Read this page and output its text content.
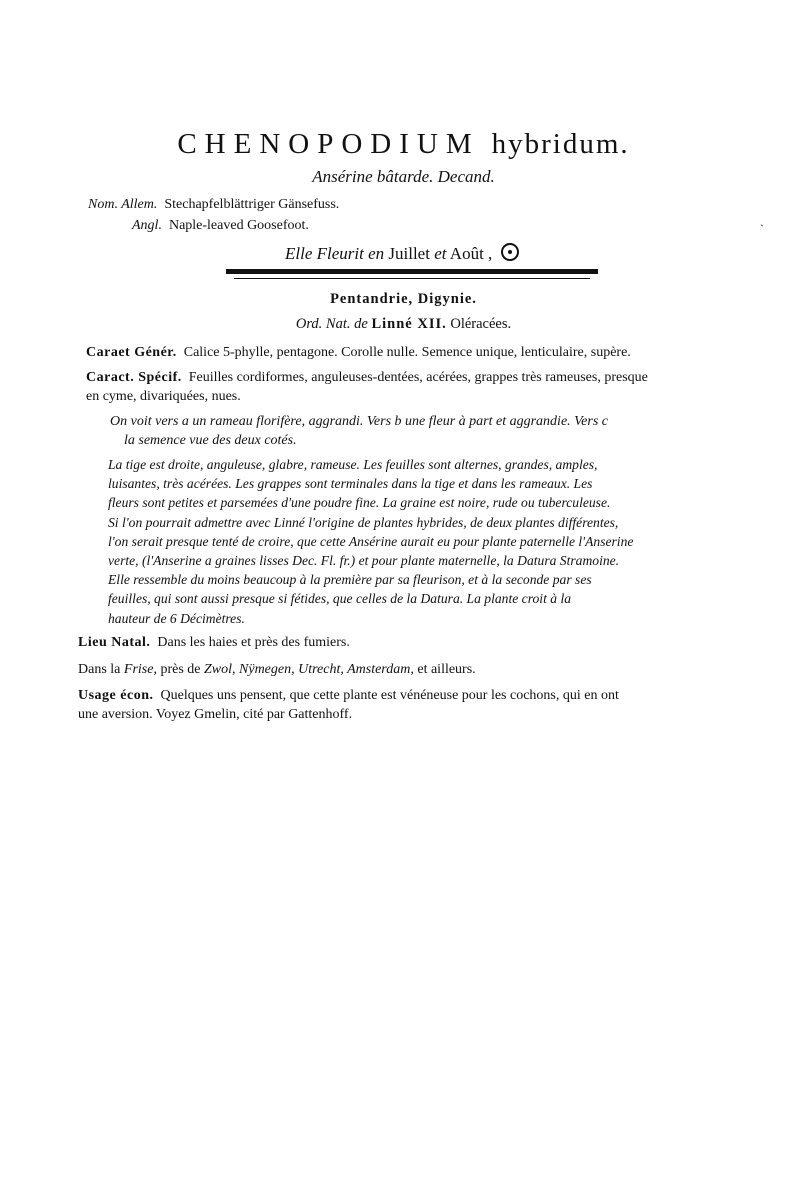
CHENOPODIUM hybridum.
Ansérine bâtarde. Decand.
Nom. Allem. Stechapfelblättriger Gänsefuss.
Angl. Naple-leaved Goosefoot.
Elle Fleurit en Juillet et Août ,
Pentandrie, Digynie.
Ord. Nat. de Linné XII. Oléracées.
Caraet Génér. Calice 5-phylle, pentagone. Corolle nulle. Semence unique, lenticulaire, supère.
Caract. Spécif. Feuilles cordiformes, anguleuses-dentées, acérées, grappes très rameuses, presque
en cyme, divariquées, nues.
On voit vers a un rameau florifère, aggrandi. Vers b une fleur à part et aggrandie. Vers c
la semence vue des deux cotés.
La tige est droite, anguleuse, glabre, rameuse. Les feuilles sont alternes, grandes, amples,
luisantes, très acérées. Les grappes sont terminales dans la tige et dans les rameaux. Les
fleurs sont petites et parsemées d'une poudre fine. La graine est noire, rude ou tuberculeuse.
Si l'on pourrait admettre avec Linné l'origine de plantes hybrides, de deux plantes différentes,
l'on serait presque tenté de croire, que cette Ansérine aurait eu pour plante paternelle l'Anserine
verte, (l'Anserine a graines lisses Dec. Fl. fr.) et pour plante maternelle, la Datura Stramoine.
Elle ressemble du moins beaucoup à la première par sa fleurison, et à la seconde par ses
feuilles, qui sont aussi presque si fétides, que celles de la Datura. La plante croit à la
hauteur de 6 Décimètres.
Lieu Natal. Dans les haies et près des fumiers.
Dans la Frise, près de Zwol, Nÿmegen, Utrecht, Amsterdam, et ailleurs.
Usage écon. Quelques uns pensent, que cette plante est vénéneuse pour les cochons, qui en ont
une aversion. Voyez Gmelin, cité par Gattenhoff.
`
